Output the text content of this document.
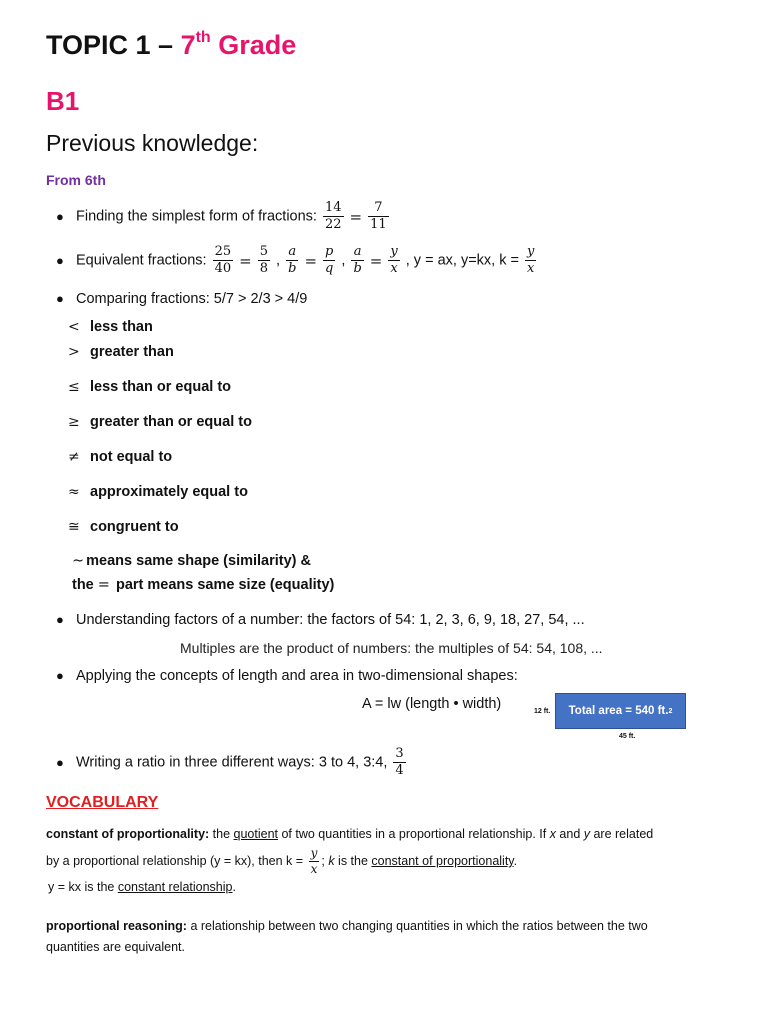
TOPIC 1 – 7th Grade
B1
Previous knowledge:
From 6th
● Finding the simplest form of fractions: $\frac{14}{22} = \frac{7}{11}$
● Equivalent fractions: $\frac{25}{40} = \frac{5}{8}$ , $\frac{a}{b} = \frac{p}{q}$ , $\frac{a}{b} = \frac{y}{x}$ , y = ax, y=kx, $k = \frac{y}{x}$
● Comparing fractions: 5/7 > 2/3 > 4/9
< less than
> greater than
≤ less than or equal to
≥ greater than or equal to
≠ not equal to
≈ approximately equal to
≅ congruent to
∼ means same shape (similarity) &
the = part means same size (equality)
● Understanding factors of a number: the factors of 54: 1, 2, 3, 6, 9, 18, 27, 54, ...
Multiples are the product of numbers: the multiples of 54: 54, 108, ...
● Applying the concepts of length and area in two-dimensional shapes:
A = lw (length • width)	12 ft. Total area = 540 ft. 2
45 ft.
● Writing a ratio in three different ways: 3 to 4, 3:4, $\frac{3}{4}$
VOCABULARY
constant of proportionality: the quotient of two quantities in a proportional relationship. If x and y are related
by a proportional relationship (y = kx), then $k = \frac{y}{x}$ ; k is the constant of proportionality.
y = kx is the constant relationship.
proportional reasoning: a relationship between two changing quantities in which the ratios between the two
quantities are equivalent.
